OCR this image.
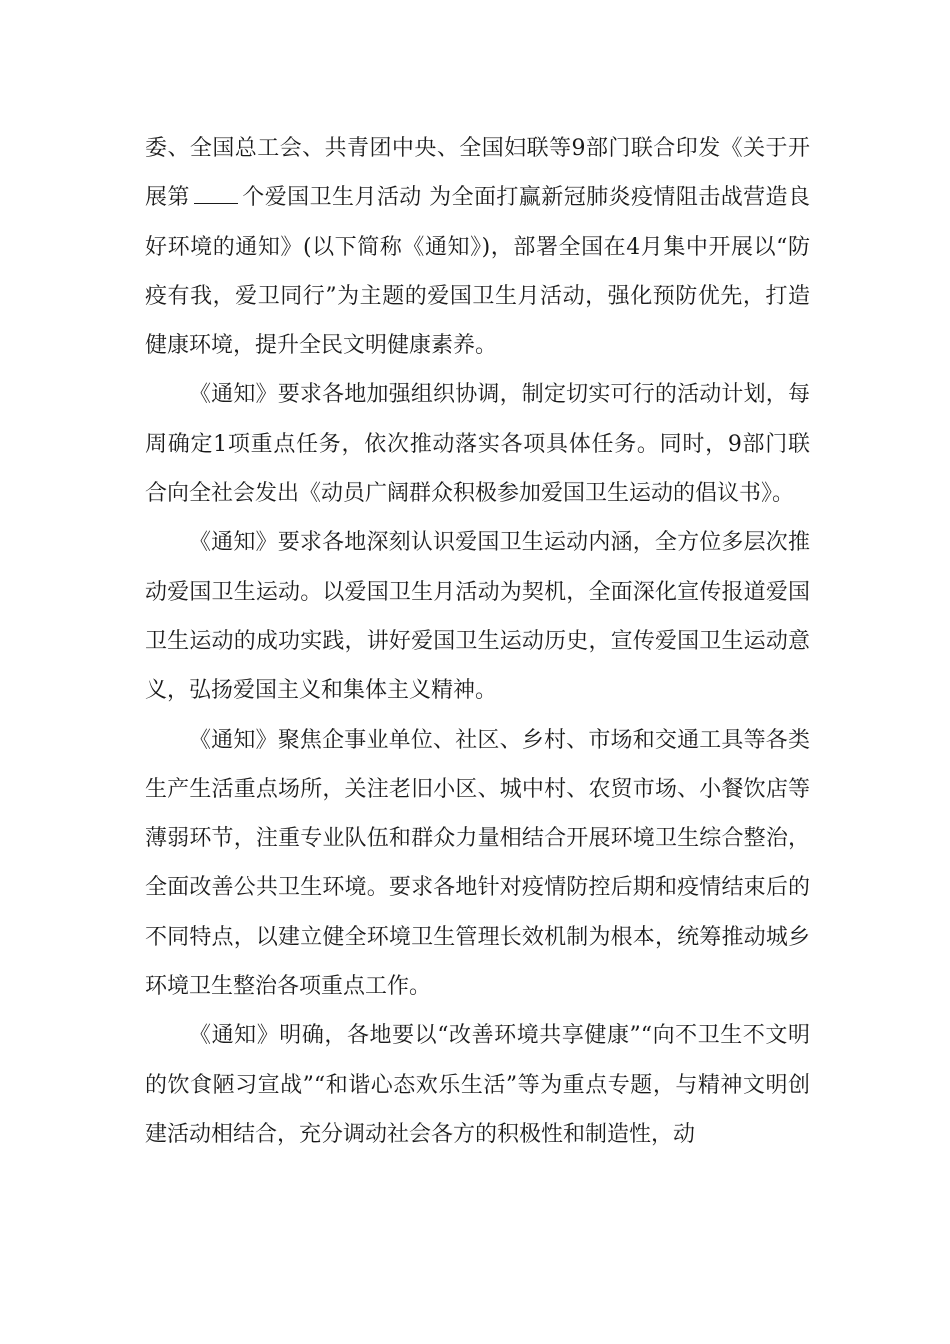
委、全国总工会、共青团中央、全国妇联等9部门联合印发《关于开展第 个爱国卫生月活动 为全面打赢新冠肺炎疫情阻击战营造良好环境的通知》(以下简称《通知》)，部署全国在4月集中开展以“防疫有我，爱卫同行”为主题的爱国卫生月活动，强化预防优先，打造健康环境，提升全民文明健康素养。

《通知》要求各地加强组织协调，制定切实可行的活动计划，每周确定1项重点任务，依次推动落实各项具体任务。同时，9部门联合向全社会发出《动员广阔群众积极参加爱国卫生运动的倡议书》。

《通知》要求各地深刻认识爱国卫生运动内涵，全方位多层次推动爱国卫生运动。以爱国卫生月活动为契机，全面深化宣传报道爱国卫生运动的成功实践，讲好爱国卫生运动历史，宣传爱国卫生运动意义，弘扬爱国主义和集体主义精神。

《通知》聚焦企事业单位、社区、乡村、市场和交通工具等各类生产生活重点场所，关注老旧小区、城中村、农贸市场、小餐饮店等薄弱环节，注重专业队伍和群众力量相结合开展环境卫生综合整治，全面改善公共卫生环境。要求各地针对疫情防控后期和疫情结束后的不同特点，以建立健全环境卫生管理长效机制为根本，统筹推动城乡环境卫生整治各项重点工作。

《通知》明确，各地要以“改善环境共享健康”“向不卫生不文明的饮食陋习宣战”“和谐心态欢乐生活”等为重点专题，与精神文明创建活动相结合，充分调动社会各方的积极性和制造性，动
